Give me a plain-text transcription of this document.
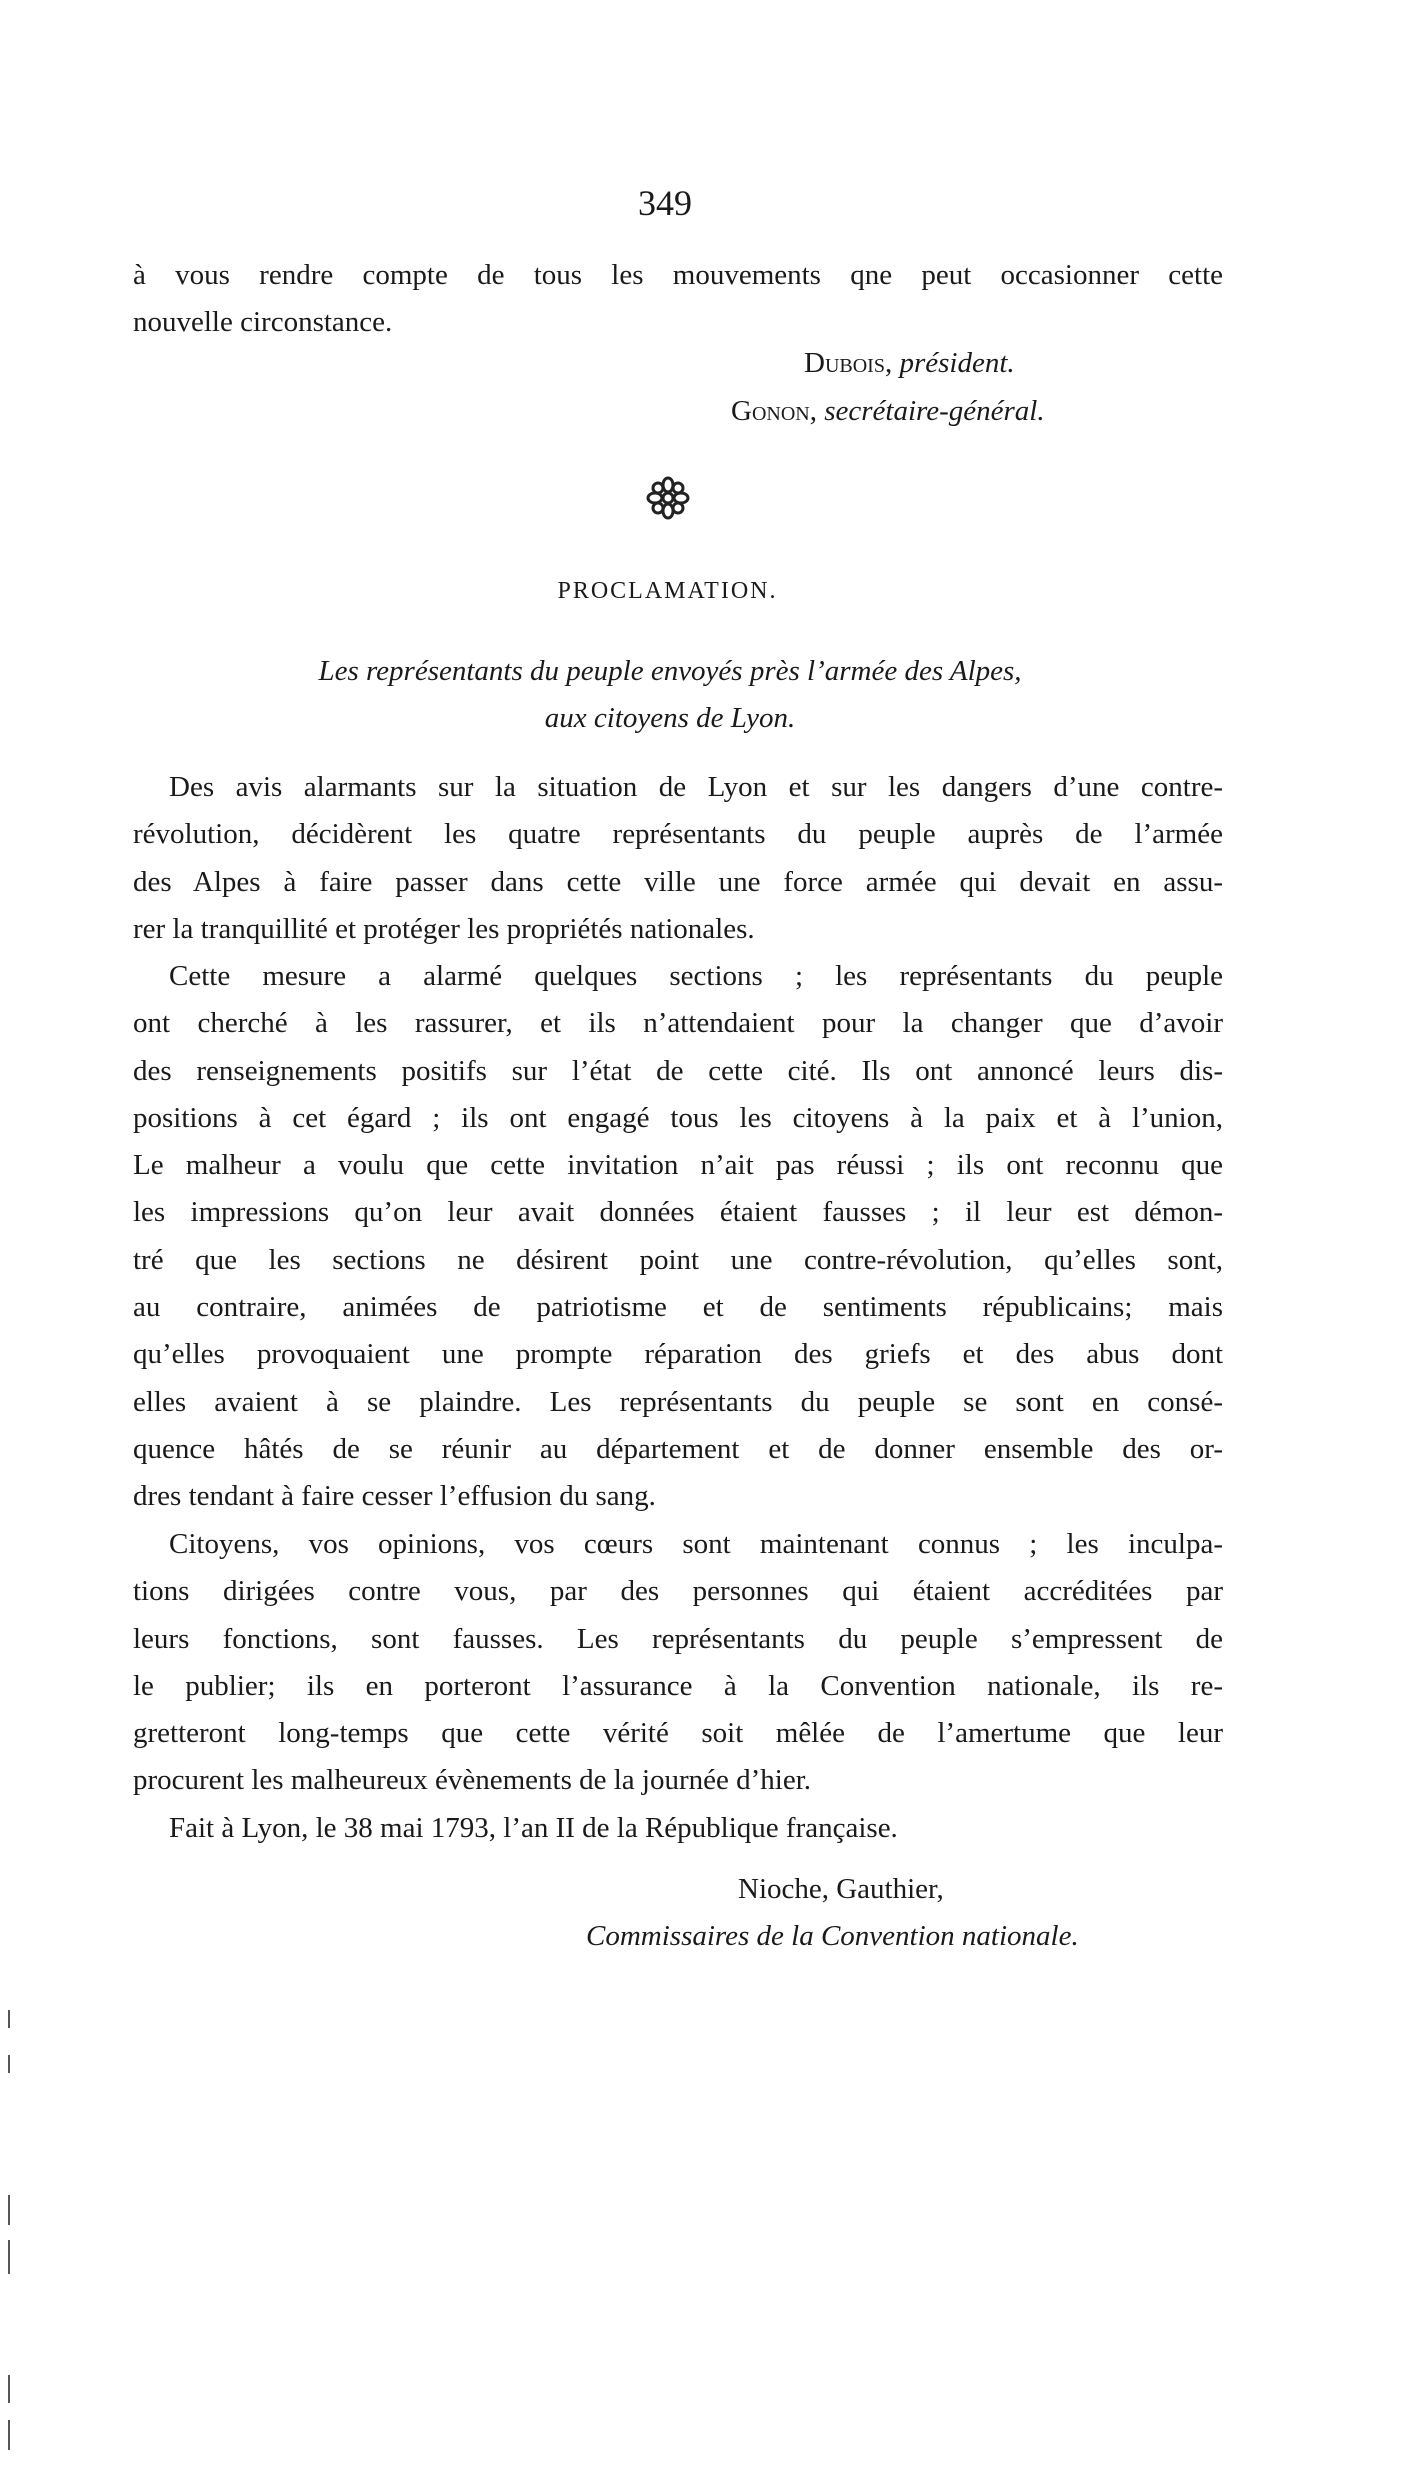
349

à vous rendre compte de tous les mouvements qne peut occasionner cette

nouvelle circonstance.

Dubois, président.
Gonon, secrétaire-général.
PROCLAMATION.
Les représentants du peuple envoyés près l’armée des Alpes,
aux citoyens de Lyon.

Des avis alarmants sur la situation de Lyon et sur les dangers d’une contre-

révolution, décidèrent les quatre représentants du peuple auprès de l’armée

des Alpes à faire passer dans cette ville une force armée qui devait en assu-

rer la tranquillité et protéger les propriétés nationales.

Cette mesure a alarmé quelques sections ; les représentants du peuple

ont cherché à les rassurer, et ils n’attendaient pour la changer que d’avoir

des renseignements positifs sur l’état de cette cité. Ils ont annoncé leurs dis-

positions à cet égard ; ils ont engagé tous les citoyens à la paix et à l’union,

Le malheur a voulu que cette invitation n’ait pas réussi ; ils ont reconnu que

les impressions qu’on leur avait données étaient fausses ; il leur est démon-

tré que les sections ne désirent point une contre-révolution, qu’elles sont,

au contraire, animées de patriotisme et de sentiments républicains; mais

qu’elles provoquaient une prompte réparation des griefs et des abus dont

elles avaient à se plaindre. Les représentants du peuple se sont en consé-

quence hâtés de se réunir au département et de donner ensemble des or-

dres tendant à faire cesser l’effusion du sang.

Citoyens, vos opinions, vos cœurs sont maintenant connus ; les inculpa-

tions dirigées contre vous, par des personnes qui étaient accréditées par

leurs fonctions, sont fausses. Les représentants du peuple s’empressent de

le publier; ils en porteront l’assurance à la Convention nationale, ils re-

gretteront long-temps que cette vérité soit mêlée de l’amertume que leur

procurent les malheureux évènements de la journée d’hier.

Fait à Lyon, le 38 mai 1793, l’an II de la République française.

Nioche, Gauthier,
Commissaires de la Convention nationale.
